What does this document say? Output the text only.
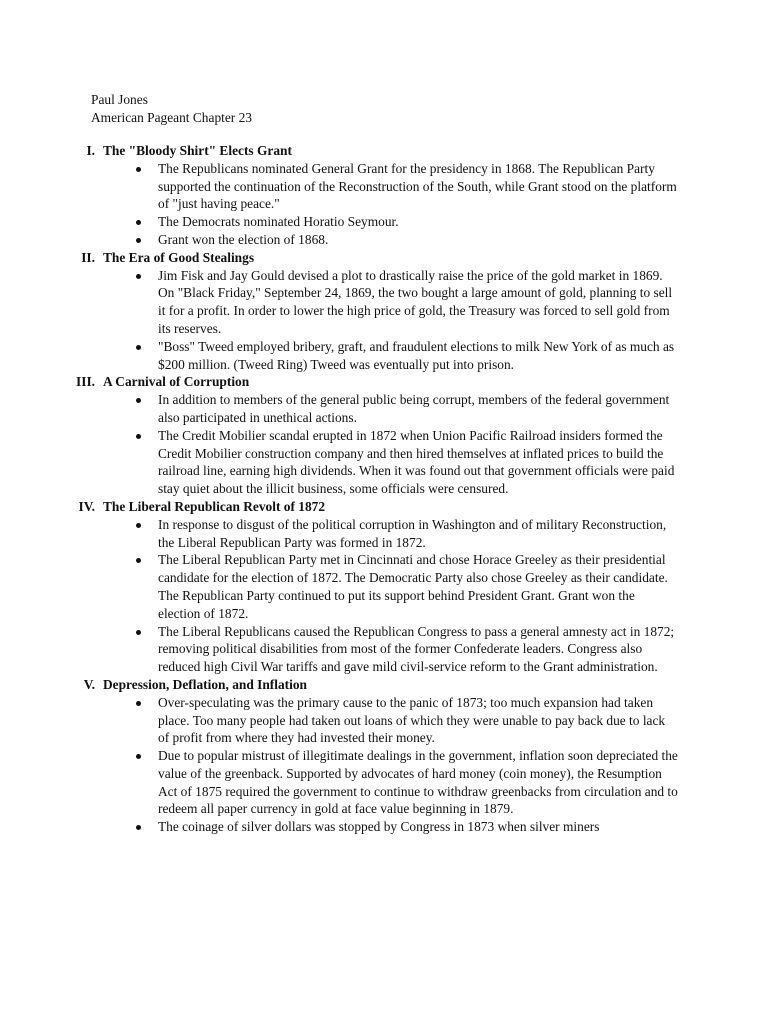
Paul Jones
American Pageant Chapter 23
I. The "Bloody Shirt" Elects Grant
The Republicans nominated General Grant for the presidency in 1868. The Republican Party supported the continuation of the Reconstruction of the South, while Grant stood on the platform of "just having peace."
The Democrats nominated Horatio Seymour.
Grant won the election of 1868.
II. The Era of Good Stealings
Jim Fisk and Jay Gould devised a plot to drastically raise the price of the gold market in 1869. On "Black Friday," September 24, 1869, the two bought a large amount of gold, planning to sell it for a profit. In order to lower the high price of gold, the Treasury was forced to sell gold from its reserves.
"Boss" Tweed employed bribery, graft, and fraudulent elections to milk New York of as much as $200 million. (Tweed Ring) Tweed was eventually put into prison.
III. A Carnival of Corruption
In addition to members of the general public being corrupt, members of the federal government also participated in unethical actions.
The Credit Mobilier scandal erupted in 1872 when Union Pacific Railroad insiders formed the Credit Mobilier construction company and then hired themselves at inflated prices to build the railroad line, earning high dividends. When it was found out that government officials were paid stay quiet about the illicit business, some officials were censured.
IV. The Liberal Republican Revolt of 1872
In response to disgust of the political corruption in Washington and of military Reconstruction, the Liberal Republican Party was formed in 1872.
The Liberal Republican Party met in Cincinnati and chose Horace Greeley as their presidential candidate for the election of 1872. The Democratic Party also chose Greeley as their candidate. The Republican Party continued to put its support behind President Grant. Grant won the election of 1872.
The Liberal Republicans caused the Republican Congress to pass a general amnesty act in 1872; removing political disabilities from most of the former Confederate leaders. Congress also reduced high Civil War tariffs and gave mild civil-service reform to the Grant administration.
V. Depression, Deflation, and Inflation
Over-speculating was the primary cause to the panic of 1873; too much expansion had taken place. Too many people had taken out loans of which they were unable to pay back due to lack of profit from where they had invested their money.
Due to popular mistrust of illegitimate dealings in the government, inflation soon depreciated the value of the greenback. Supported by advocates of hard money (coin money), the Resumption Act of 1875 required the government to continue to withdraw greenbacks from circulation and to redeem all paper currency in gold at face value beginning in 1879.
The coinage of silver dollars was stopped by Congress in 1873 when silver miners
